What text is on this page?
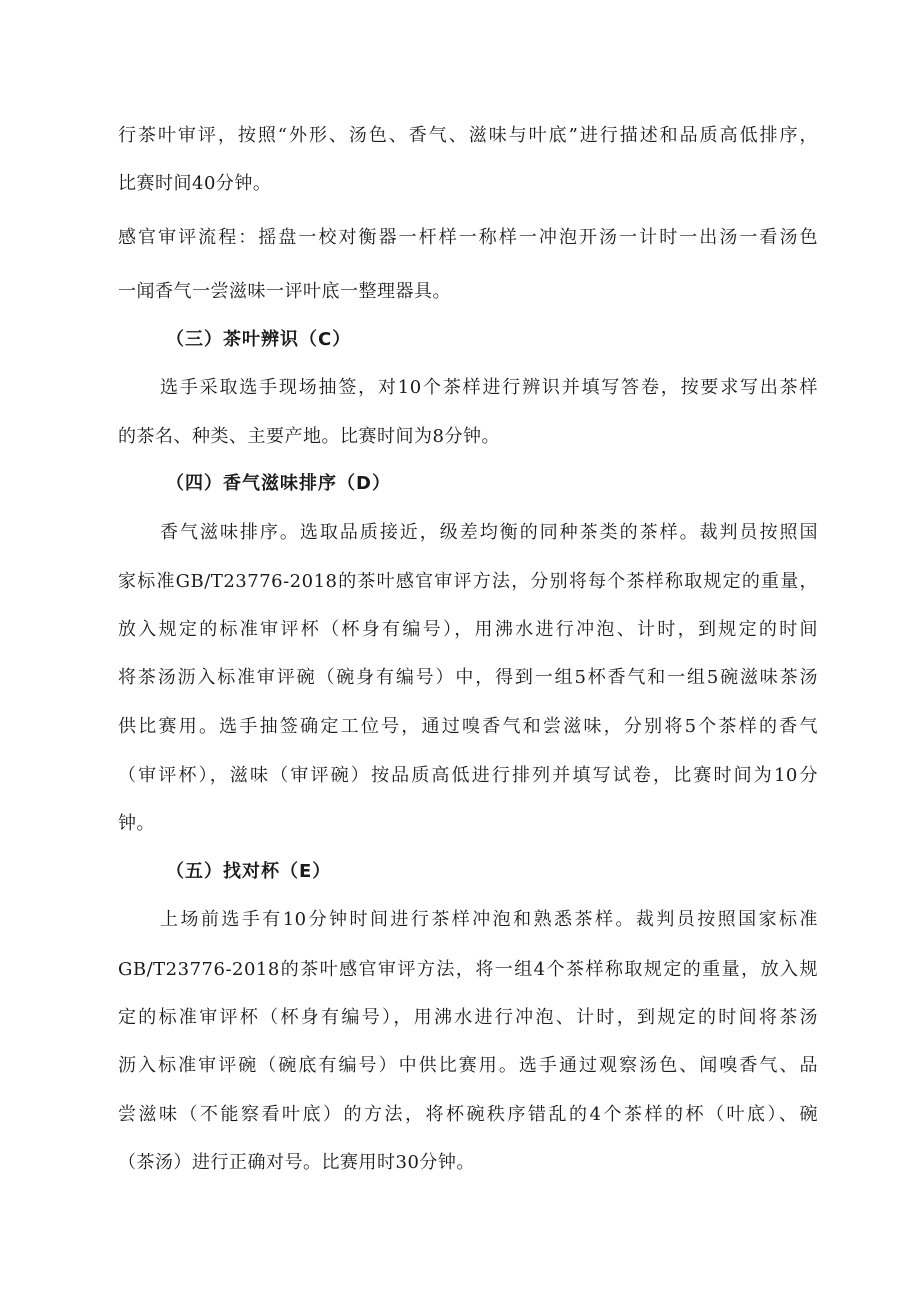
行茶叶审评，按照“外形、汤色、香气、滋味与叶底”进行描述和品质高低排序，
比赛时间40分钟。
感官审评流程：摇盘一校对衡器一杆样一称样一冲泡开汤一计时一出汤一看汤色
一闻香气一尝滋味一评叶底一整理器具。
（三）茶叶辨识（C）
选手采取选手现场抽签，对10个茶样进行辨识并填写答卷，按要求写出茶样
的茶名、种类、主要产地。比赛时间为8分钟。
（四）香气滋味排序（D）
香气滋味排序。选取品质接近，级差均衡的同种茶类的茶样。裁判员按照国
家标准GB/T23776-2018的茶叶感官审评方法，分别将每个茶样称取规定的重量，
放入规定的标准审评杯（杯身有编号），用沸水进行冲泡、计时，到规定的时间
将茶汤沥入标准审评碗（碗身有编号）中，得到一组5杯香气和一组5碗滋味茶汤
供比赛用。选手抽签确定工位号，通过嗅香气和尝滋味，分别将5个茶样的香气
（审评杯），滋味（审评碗）按品质高低进行排列并填写试卷，比赛时间为10分
钟。
（五）找对杯（E）
上场前选手有10分钟时间进行茶样冲泡和熟悉茶样。裁判员按照国家标准
GB/T23776-2018的茶叶感官审评方法，将一组4个茶样称取规定的重量，放入规
定的标准审评杯（杯身有编号），用沸水进行冲泡、计时，到规定的时间将茶汤
沥入标准审评碗（碗底有编号）中供比赛用。选手通过观察汤色、闻嗅香气、品
尝滋味（不能察看叶底）的方法，将杯碗秩序错乱的4个茶样的杯（叶底）、碗
（茶汤）进行正确对号。比赛用时30分钟。
